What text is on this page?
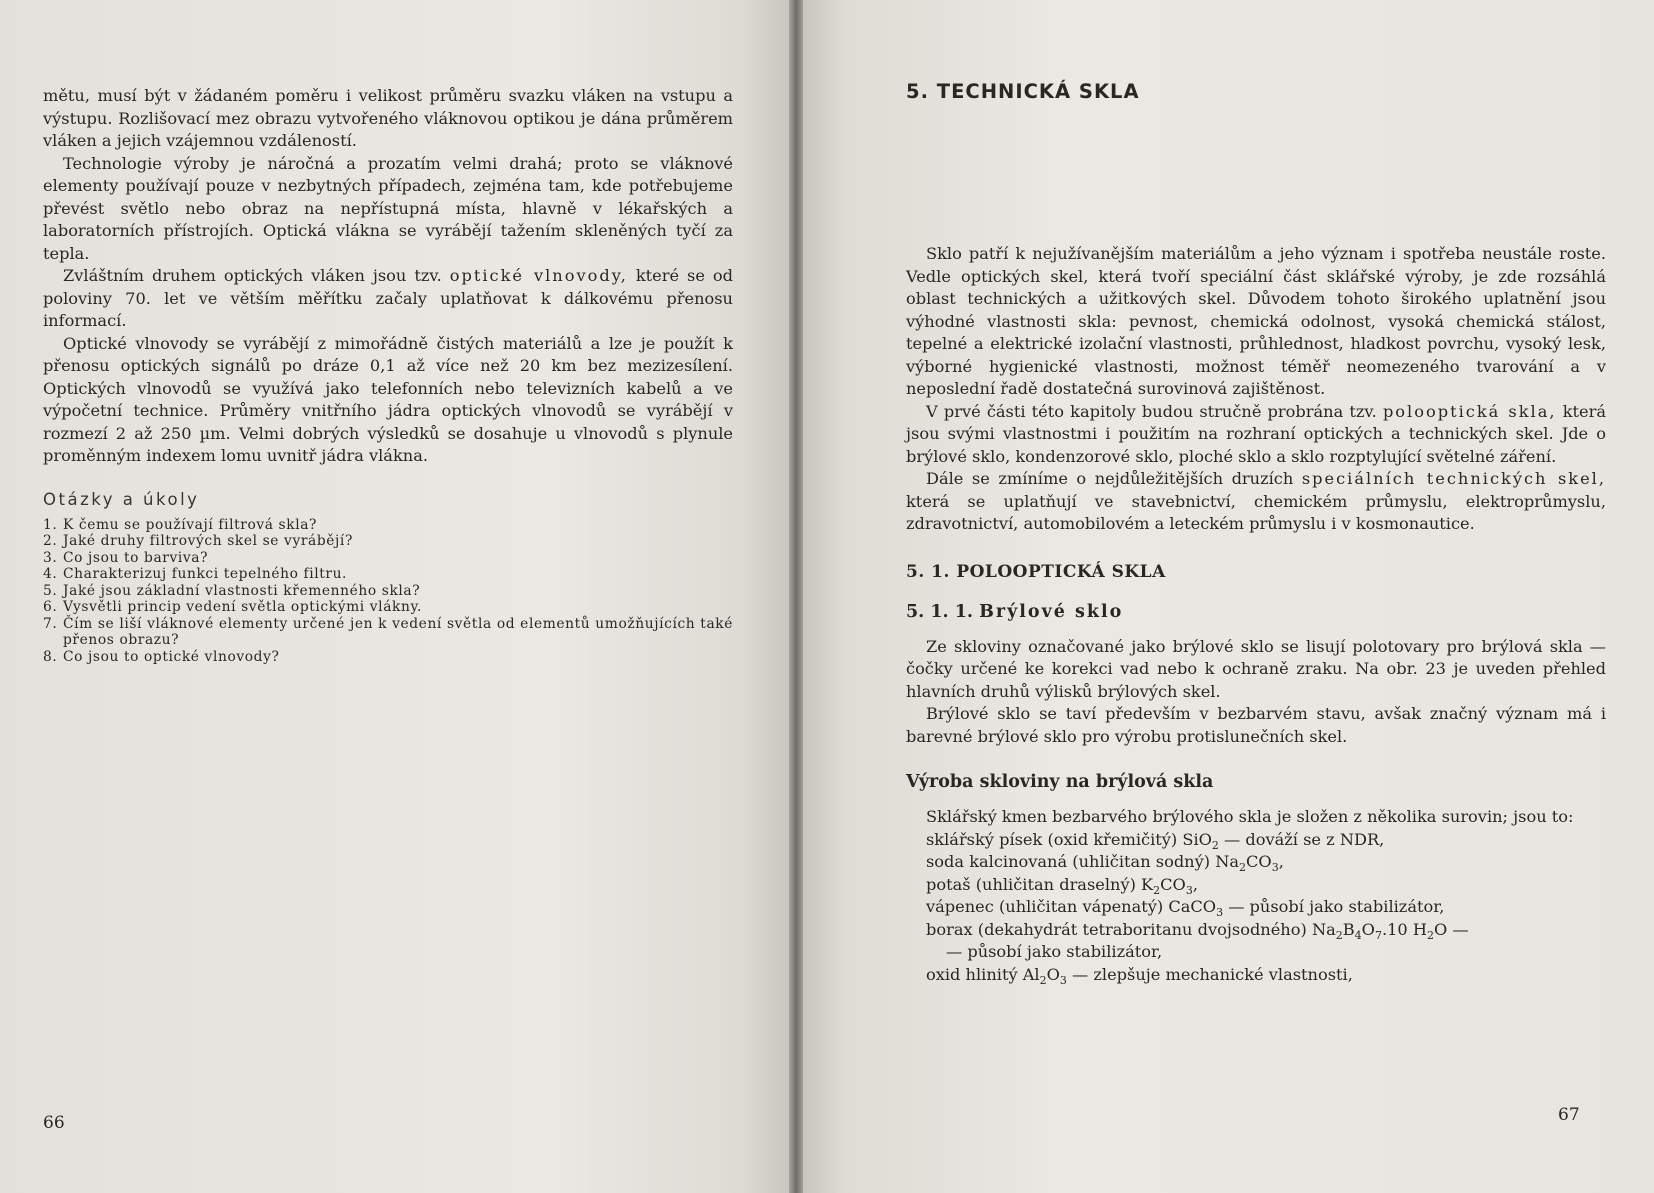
mětu, musí být v žádaném poměru i velikost průměru svazku vláken na vstupu a výstupu. Rozlišovací mez obrazu vytvořeného vláknovou optikou je dána průměrem vláken a jejich vzájemnou vzdáleností.

Technologie výroby je náročná a prozatím velmi drahá; proto se vláknové elementy používají pouze v nezbytných případech, zejména tam, kde potřebujeme převést světlo nebo obraz na nepřístupná místa, hlavně v lékařských a laboratorních přístrojích. Optická vlákna se vyrábějí tažením skleněných tyčí za tepla.

Zvláštním druhem optických vláken jsou tzv. optické vlnovody, které se od poloviny 70. let ve větším měřítku začaly uplatňovat k dálkovému přenosu informací.

Optické vlnovody se vyrábějí z mimořádně čistých materiálů a lze je použít k přenosu optických signálů po dráze 0,1 až více než 20 km bez mezizesílení. Optických vlnovodů se využívá jako telefonních nebo televizních kabelů a ve výpočetní technice. Průměry vnitřního jádra optických vlnovodů se vyrábějí v rozmezí 2 až 250 µm. Velmi dobrých výsledků se dosahuje u vlnovodů s plynule proměnným indexem lomu uvnitř jádra vlákna.

Otázky a úkoly
1. K čemu se používají filtrová skla?
2. Jaké druhy filtrových skel se vyrábějí?
3. Co jsou to barviva?
4. Charakterizuj funkci tepelného filtru.
5. Jaké jsou základní vlastnosti křemenného skla?
6. Vysvětli princip vedení světla optickými vlákny.
7. Čím se liší vláknové elementy určené jen k vedení světla od elementů umožňujících také přenos obrazu?
8. Co jsou to optické vlnovody?
66
5. TECHNICKÁ SKLA

Sklo patří k nejužívanějším materiálům a jeho význam i spotřeba neustále roste. Vedle optických skel, která tvoří speciální část sklářské výroby, je zde rozsáhlá oblast technických a užitkových skel. Důvodem tohoto širokého uplatnění jsou výhodné vlastnosti skla: pevnost, chemická odolnost, vysoká chemická stálost, tepelné a elektrické izolační vlastnosti, průhlednost, hladkost povrchu, vysoký lesk, výborné hygienické vlastnosti, možnost téměř neomezeného tvarování a v neposlední řadě dostatečná surovinová zajištěnost.

V prvé části této kapitoly budou stručně probrána tzv. polooptická skla, která jsou svými vlastnostmi i použitím na rozhraní optických a technických skel. Jde o brýlové sklo, kondenzorové sklo, ploché sklo a sklo rozptylující světelné záření.

Dále se zmíníme o nejdůležitějších druzích speciálních technických skel, která se uplatňují ve stavebnictví, chemickém průmyslu, elektroprůmyslu, zdravotnictví, automobilovém a leteckém průmyslu i v kosmonautice.

5. 1. POLOOPTICKÁ SKLA
5. 1. 1. Brýlové sklo

Ze skloviny označované jako brýlové sklo se lisují polotovary pro brýlová skla — čočky určené ke korekci vad nebo k ochraně zraku. Na obr. 23 je uveden přehled hlavních druhů výlisků brýlových skel.

Brýlové sklo se taví především v bezbarvém stavu, avšak značný význam má i barevné brýlové sklo pro výrobu protislunečních skel.

Výroba skloviny na brýlová skla

Sklářský kmen bezbarvého brýlového skla je složen z několika surovin; jsou to:

sklářský písek (oxid křemičitý) SiO$_2$ — dováží se z NDR,
soda kalcinovaná (uhličitan sodný) $Na_2CO_3$,
potaš (uhličitan draselný) $K_2CO_3$,
vápenec (uhličitan vápenatý) CaCO$_3$ — působí jako stabilizátor,
borax (dekahydrát tetraboritanu dvojsodného) $Na_2B_4O_7.10$ $H_2O$ —
— působí jako stabilizátor,
oxid hlinitý $Al_2O_3$ — zlepšuje mechanické vlastnosti,
67
